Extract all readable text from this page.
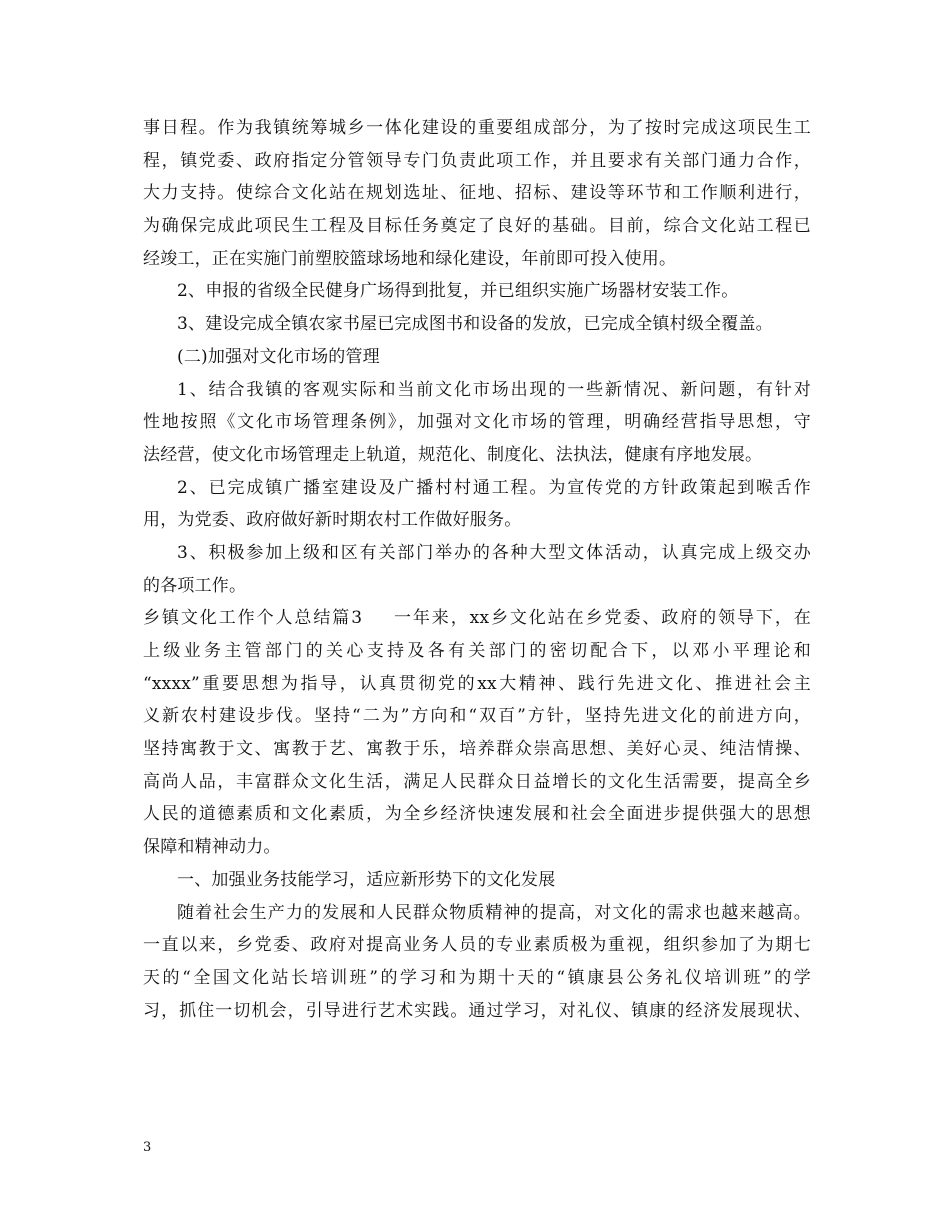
事日程。作为我镇统筹城乡一体化建设的重要组成部分，为了按时完成这项民生工
程，镇党委、政府指定分管领导专门负责此项工作，并且要求有关部门通力合作，
大力支持。使综合文化站在规划选址、征地、招标、建设等环节和工作顺利进行，
为确保完成此项民生工程及目标任务奠定了良好的基础。目前，综合文化站工程已
经竣工，正在实施门前塑胶篮球场地和绿化建设，年前即可投入使用。
2、申报的省级全民健身广场得到批复，并已组织实施广场器材安装工作。
3、建设完成全镇农家书屋已完成图书和设备的发放，已完成全镇村级全覆盖。
(二)加强对文化市场的管理
1、结合我镇的客观实际和当前文化市场出现的一些新情况、新问题，有针对
性地按照《文化市场管理条例》，加强对文化市场的管理，明确经营指导思想，守
法经营，使文化市场管理走上轨道，规范化、制度化、法执法，健康有序地发展。
2、已完成镇广播室建设及广播村村通工程。为宣传党的方针政策起到喉舌作
用，为党委、政府做好新时期农村工作做好服务。
3、积极参加上级和区有关部门举办的各种大型文体活动，认真完成上级交办
的各项工作。
乡镇文化工作个人总结篇3 一年来，xx乡文化站在乡党委、政府的领导下，在
上级业务主管部门的关心支持及各有关部门的密切配合下，以邓小平理论和
“xxxx”重要思想为指导，认真贯彻党的xx大精神、践行先进文化、推进社会主
义新农村建设步伐。坚持“二为”方向和“双百”方针，坚持先进文化的前进方向，
坚持寓教于文、寓教于艺、寓教于乐，培养群众崇高思想、美好心灵、纯洁情操、
高尚人品，丰富群众文化生活，满足人民群众日益增长的文化生活需要，提高全乡
人民的道德素质和文化素质，为全乡经济快速发展和社会全面进步提供强大的思想
保障和精神动力。
一、加强业务技能学习，适应新形势下的文化发展
随着社会生产力的发展和人民群众物质精神的提高，对文化的需求也越来越高。
一直以来，乡党委、政府对提高业务人员的专业素质极为重视，组织参加了为期七
天的“全国文化站长培训班”的学习和为期十天的“镇康县公务礼仪培训班”的学
习，抓住一切机会，引导进行艺术实践。通过学习，对礼仪、镇康的经济发展现状、
3
